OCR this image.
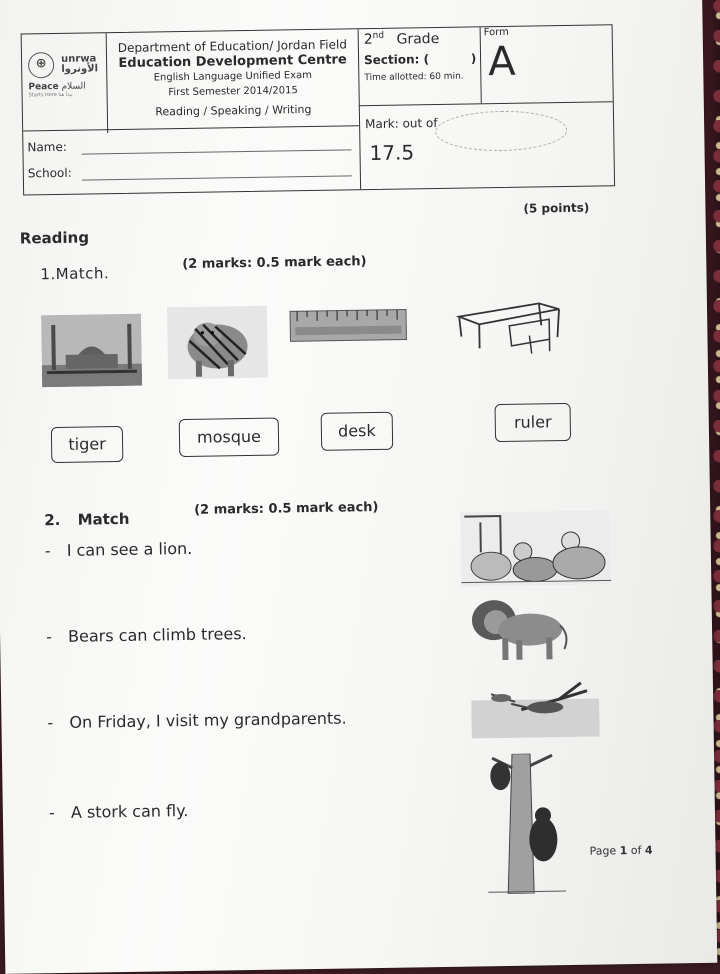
⊕ unrwa
الأونروا
Peace السلام
Starts Here يبدأ هنا
Department of Education/ Jordan Field
Education Development Centre
English Language Unified Exam
First Semester 2014/2015
Reading / Speaking / Writing
2nd Grade
Section: (          )
Time allotted: 60 min.
Form
A
Mark: out of
17.5
Name:
School:
(5 points)
Reading
1.Match.
(2 marks: 0.5 mark each)
tiger	mosque	desk	ruler
2. Match
(2 marks: 0.5 mark each)
- I can see a lion.
- Bears can climb trees.
- On Friday, I visit my grandparents.
- A stork can fly.
Page 1 of 4
